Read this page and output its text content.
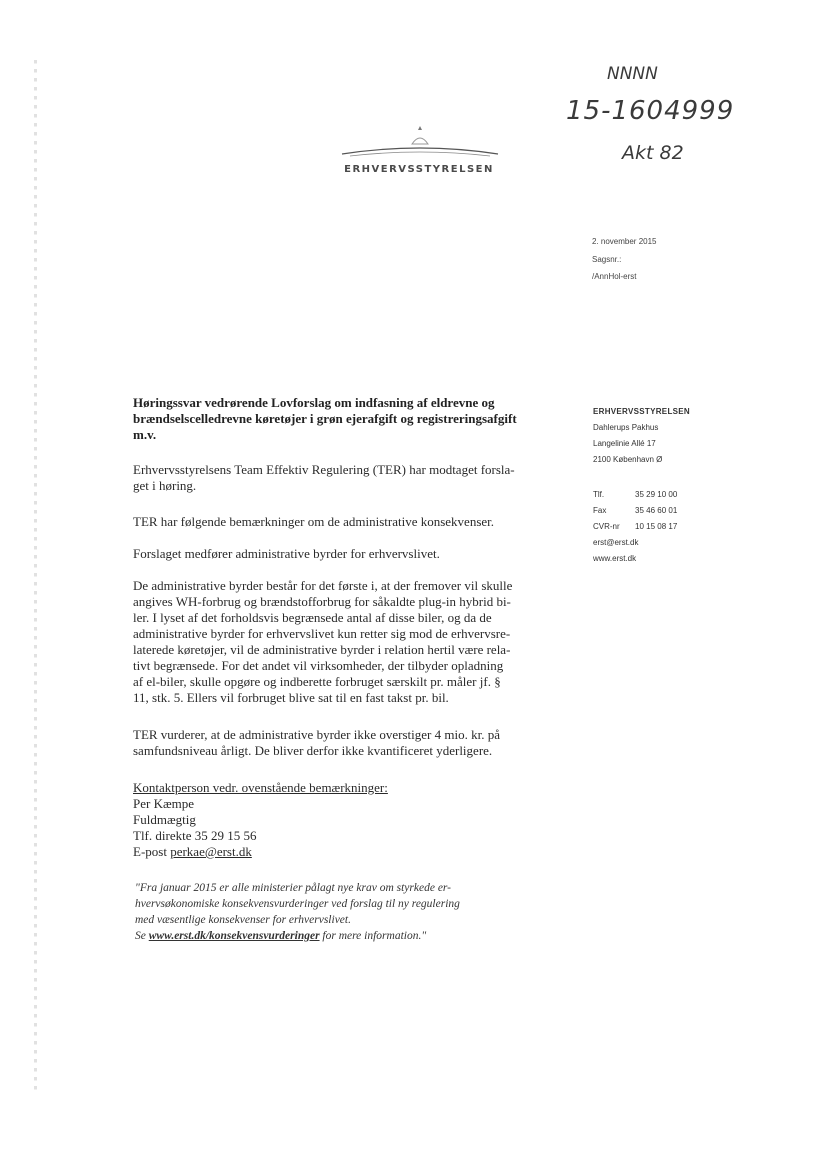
NNNN
15-1604999
Akt 82
ERHVERVSSTYRELSEN
2. november 2015
Sagsnr.:
/AnnHol-erst
ERHVERVSSTYRELSEN
Dahlerups Pakhus
Langelinie Allé 17
2100 København Ø
Tlf.	35 29 10 00
Fax	35 46 60 01
CVR-nr	10 15 08 17
erst@erst.dk
www.erst.dk
Høringssvar vedrørende Lovforslag om indfasning af eldrevne og
brændselscelledrevne køretøjer i grøn ejerafgift og registreringsafgift
m.v.
Erhvervsstyrelsens Team Effektiv Regulering (TER) har modtaget forsla-
get i høring.
TER har følgende bemærkninger om de administrative konsekvenser.
Forslaget medfører administrative byrder for erhvervslivet.
De administrative byrder består for det første i, at der fremover vil skulle
angives WH-forbrug og brændstofforbrug for såkaldte plug-in hybrid bi-
ler. I lyset af det forholdsvis begrænsede antal af disse biler, og da de
administrative byrder for erhvervslivet kun retter sig mod de erhvervsre-
laterede køretøjer, vil de administrative byrder i relation hertil være rela-
tivt begrænsede. For det andet vil virksomheder, der tilbyder opladning
af el-biler, skulle opgøre og indberette forbruget særskilt pr. måler jf. §
11, stk. 5. Ellers vil forbruget blive sat til en fast takst pr. bil.
TER vurderer, at de administrative byrder ikke overstiger 4 mio. kr. på
samfundsniveau årligt. De bliver derfor ikke kvantificeret yderligere.
Kontaktperson vedr. ovenstående bemærkninger:
Per Kæmpe
Fuldmægtig
Tlf. direkte 35 29 15 56
E-post perkae@erst.dk
"Fra januar 2015 er alle ministerier pålagt nye krav om styrkede er-
hvervsøkonomiske konsekvensvurderinger ved forslag til ny regulering
med væsentlige konsekvenser for erhvervslivet.
Se www.erst.dk/konsekvensvurderinger for mere information."
